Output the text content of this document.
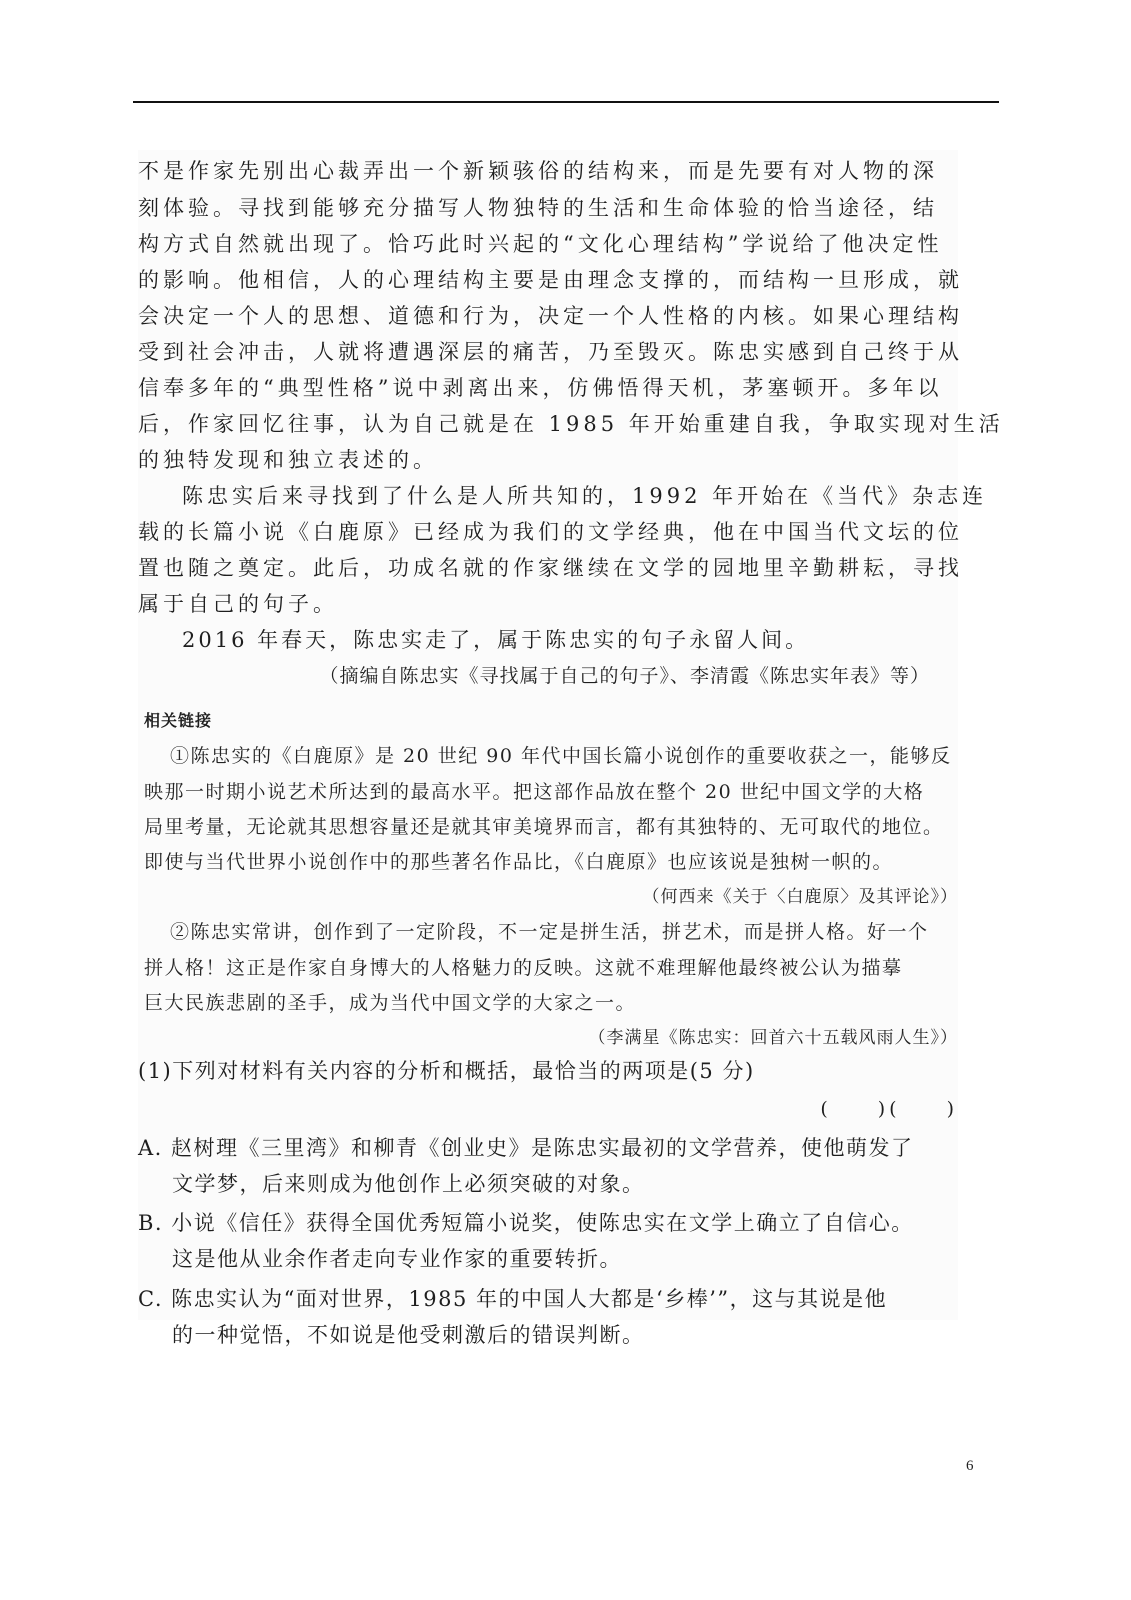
不是作家先别出心裁弄出一个新颖骇俗的结构来，而是先要有对人物的深
刻体验。寻找到能够充分描写人物独特的生活和生命体验的恰当途径，结
构方式自然就出现了。恰巧此时兴起的“文化心理结构”学说给了他决定性
的影响。他相信，人的心理结构主要是由理念支撑的，而结构一旦形成，就
会决定一个人的思想、道德和行为，决定一个人性格的内核。如果心理结构
受到社会冲击，人就将遭遇深层的痛苦，乃至毁灭。陈忠实感到自己终于从
信奉多年的“典型性格”说中剥离出来，仿佛悟得天机，茅塞顿开。多年以
后，作家回忆往事，认为自己就是在 1985 年开始重建自我，争取实现对生活
的独特发现和独立表述的。
陈忠实后来寻找到了什么是人所共知的，1992 年开始在《当代》杂志连
载的长篇小说《白鹿原》已经成为我们的文学经典，他在中国当代文坛的位
置也随之奠定。此后，功成名就的作家继续在文学的园地里辛勤耕耘，寻找
属于自己的句子。
2016 年春天，陈忠实走了，属于陈忠实的句子永留人间。
（摘编自陈忠实《寻找属于自己的句子》、李清霞《陈忠实年表》等）
相关链接
①陈忠实的《白鹿原》是 20 世纪 90 年代中国长篇小说创作的重要收获之一，能够反
映那一时期小说艺术所达到的最高水平。把这部作品放在整个 20 世纪中国文学的大格
局里考量，无论就其思想容量还是就其审美境界而言，都有其独特的、无可取代的地位。
即使与当代世界小说创作中的那些著名作品比，《白鹿原》也应该说是独树一帜的。
（何西来《关于〈白鹿原〉及其评论》）
②陈忠实常讲，创作到了一定阶段，不一定是拼生活，拼艺术，而是拼人格。好一个
拼人格！这正是作家自身博大的人格魅力的反映。这就不难理解他最终被公认为描摹
巨大民族悲剧的圣手，成为当代中国文学的大家之一。
（李满星《陈忠实：回首六十五载风雨人生》）
(1)下列对材料有关内容的分析和概括，最恰当的两项是(5 分)
(　　)(　　)
A. 赵树理《三里湾》和柳青《创业史》是陈忠实最初的文学营养，使他萌发了
文学梦，后来则成为他创作上必须突破的对象。
B. 小说《信任》获得全国优秀短篇小说奖，使陈忠实在文学上确立了自信心。
这是他从业余作者走向专业作家的重要转折。
C. 陈忠实认为“面对世界，1985 年的中国人大都是‘乡棒’”，这与其说是他
的一种觉悟，不如说是他受刺激后的错误判断。
6
